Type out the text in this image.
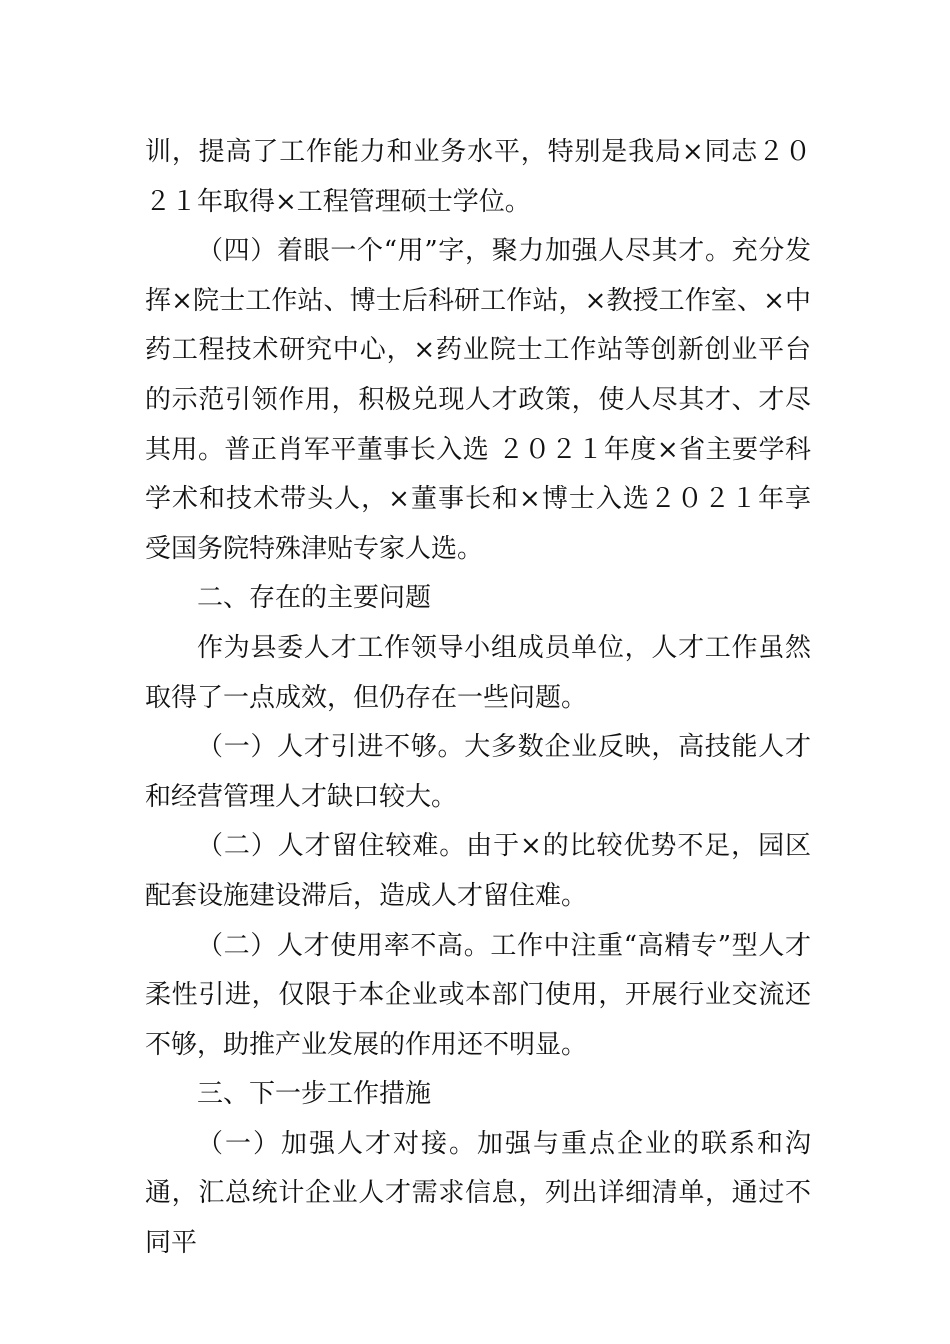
训，提高了工作能力和业务水平，特别是我局×同志２０２１年取得×工程管理硕士学位。

（四）着眼一个“用”字，聚力加强人尽其才。充分发挥×院士工作站、博士后科研工作站，×教授工作室、×中药工程技术研究中心，×药业院士工作站等创新创业平台的示范引领作用，积极兑现人才政策，使人尽其才、才尽其用。普正肖军平董事长入选 ２０２１年度×省主要学科学术和技术带头人，×董事长和×博士入选２０２１年享受国务院特殊津贴专家人选。

二、存在的主要问题

作为县委人才工作领导小组成员单位，人才工作虽然取得了一点成效，但仍存在一些问题。

（一）人才引进不够。大多数企业反映，高技能人才和经营管理人才缺口较大。

（二）人才留住较难。由于×的比较优势不足，园区配套设施建设滞后，造成人才留住难。

（二）人才使用率不高。工作中注重“高精专”型人才柔性引进，仅限于本企业或本部门使用，开展行业交流还不够，助推产业发展的作用还不明显。

三、下一步工作措施

（一）加强人才对接。加强与重点企业的联系和沟通，汇总统计企业人才需求信息，列出详细清单，通过不同平
